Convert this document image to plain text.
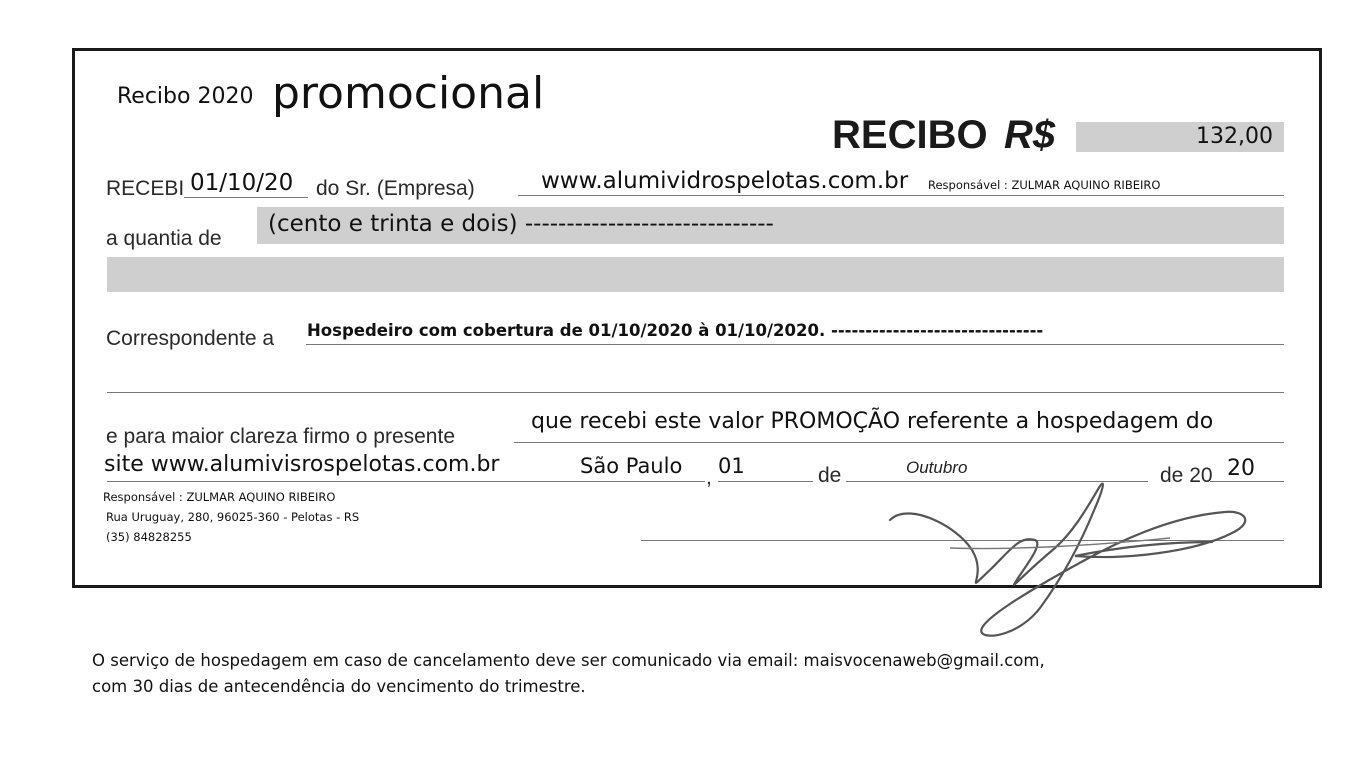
Recibo 2020 promocional
RECIBO R$	132,00
RECEBI 01/10/20 do Sr. (Empresa)	www.alumividrospelotas.com.br Responsável : ZULMAR AQUINO RIBEIRO
a quantia de
(cento e trinta e dois) ------------------------------
Correspondente a Hospedeiro com cobertura de 01/10/2020 à 01/10/2020. -------------------------------
e para maior clareza firmo o presente
que recebi este valor PROMOÇÃO referente a hospedagem do
site www.alumivisrospelotas.com.br	São Paulo , 01	de	Outubro	de 20 20
Responsável : ZULMAR AQUINO RIBEIRO
Rua Uruguay, 280, 96025-360 - Pelotas - RS
(35) 84828255
O serviço de hospedagem em caso de cancelamento deve ser comunicado via email: maisvocenaweb@gmail.com,
com 30 dias de antecendência do vencimento do trimestre.
